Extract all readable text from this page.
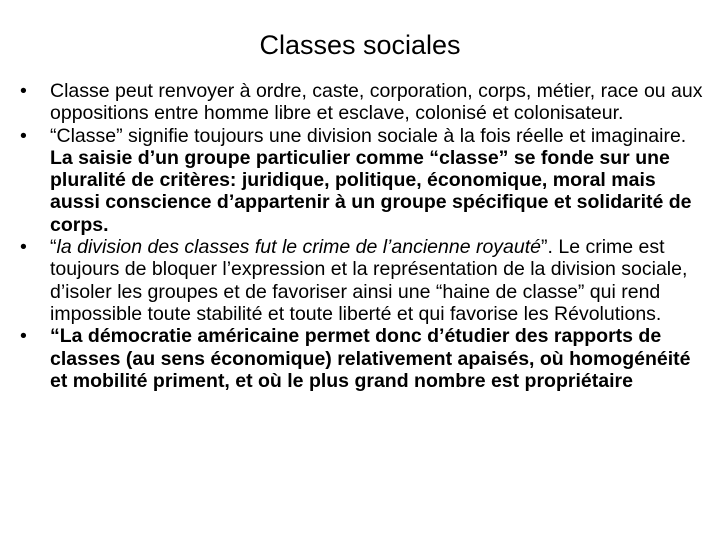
Classes sociales
•	Classe peut renvoyer à ordre, caste, corporation, corps, métier, race ou aux oppositions entre homme libre et esclave, colonisé et colonisateur.
•	“Classe” signifie toujours une division sociale à la fois réelle et imaginaire. La saisie d’un groupe particulier comme “classe” se fonde sur une pluralité de critères: juridique, politique, économique, moral mais aussi conscience d’appartenir à un groupe spécifique et solidarité de corps.
•	“la division des classes fut le crime de l’ancienne royauté”. Le crime est toujours de bloquer l’expression et la représentation de la division sociale, d’isoler les groupes et de favoriser ainsi une “haine de classe” qui rend impossible toute stabilité et toute liberté et qui favorise les Révolutions.
•	“La démocratie américaine permet donc d’étudier des rapports de classes (au sens économique) relativement apaisés, où homogénéité et mobilité priment, et où le plus grand nombre est propriétaire
